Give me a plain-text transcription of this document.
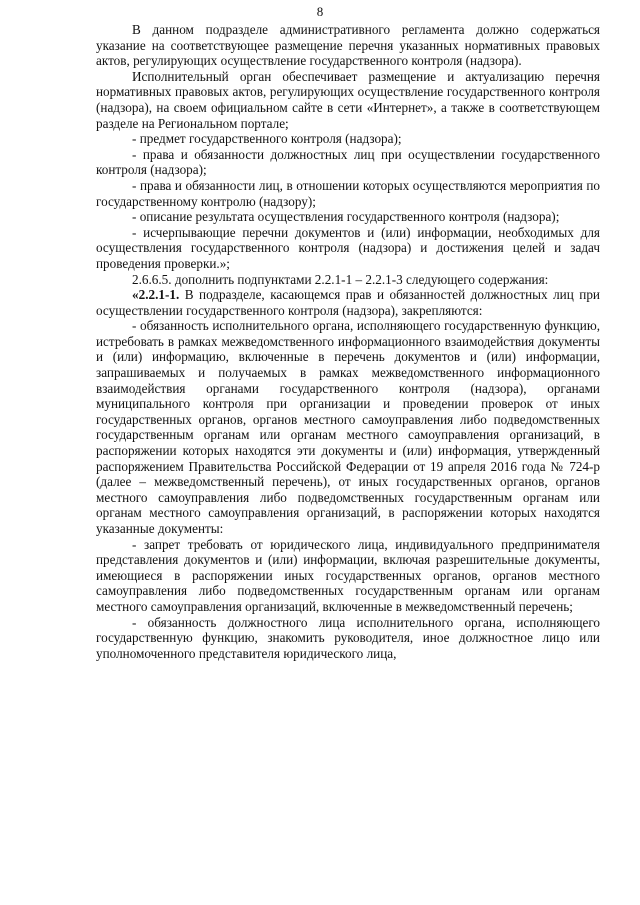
8

В данном подразделе административного регламента должно содержаться указание на соответствующее размещение перечня указанных нормативных правовых актов, регулирующих осуществление государственного контроля (надзора).

Исполнительный орган обеспечивает размещение и актуализацию перечня нормативных правовых актов, регулирующих осуществление государственного контроля (надзора), на своем официальном сайте в сети «Интернет», а также в соответствующем разделе на Региональном портале;

- предмет государственного контроля (надзора);

- права и обязанности должностных лиц при осуществлении государственного контроля (надзора);

- права и обязанности лиц, в отношении которых осуществляются мероприятия по государственному контролю (надзору);

- описание результата осуществления государственного контроля (надзора);

- исчерпывающие перечни документов и (или) информации, необходимых для осуществления государственного контроля (надзора) и достижения целей и задач проведения проверки.»;

2.6.6.5. дополнить подпунктами 2.2.1-1 – 2.2.1-3 следующего содержания:

«2.2.1-1. В подразделе, касающемся прав и обязанностей должностных лиц при осуществлении государственного контроля (надзора), закрепляются:

- обязанность исполнительного органа, исполняющего государственную функцию, истребовать в рамках межведомственного информационного взаимодействия документы и (или) информацию, включенные в перечень документов и (или) информации, запрашиваемых и получаемых в рамках межведомственного информационного взаимодействия органами государственного контроля (надзора), органами муниципального контроля при организации и проведении проверок от иных государственных органов, органов местного самоуправления либо подведомственных государственным органам или органам местного самоуправления организаций, в распоряжении которых находятся эти документы и (или) информация, утвержденный распоряжением Правительства Российской Федерации от 19 апреля 2016 года № 724-р (далее – межведомственный перечень), от иных государственных органов, органов местного самоуправления либо подведомственных государственным органам или органам местного самоуправления организаций, в распоряжении которых находятся указанные документы:

- запрет требовать от юридического лица, индивидуального предпринимателя представления документов и (или) информации, включая разрешительные документы, имеющиеся в распоряжении иных государственных органов, органов местного самоуправления либо подведомственных государственным органам или органам местного самоуправления организаций, включенные в межведомственный перечень;

- обязанность должностного лица исполнительного органа, исполняющего государственную функцию, знакомить руководителя, иное должностное лицо или уполномоченного представителя юридического лица,
